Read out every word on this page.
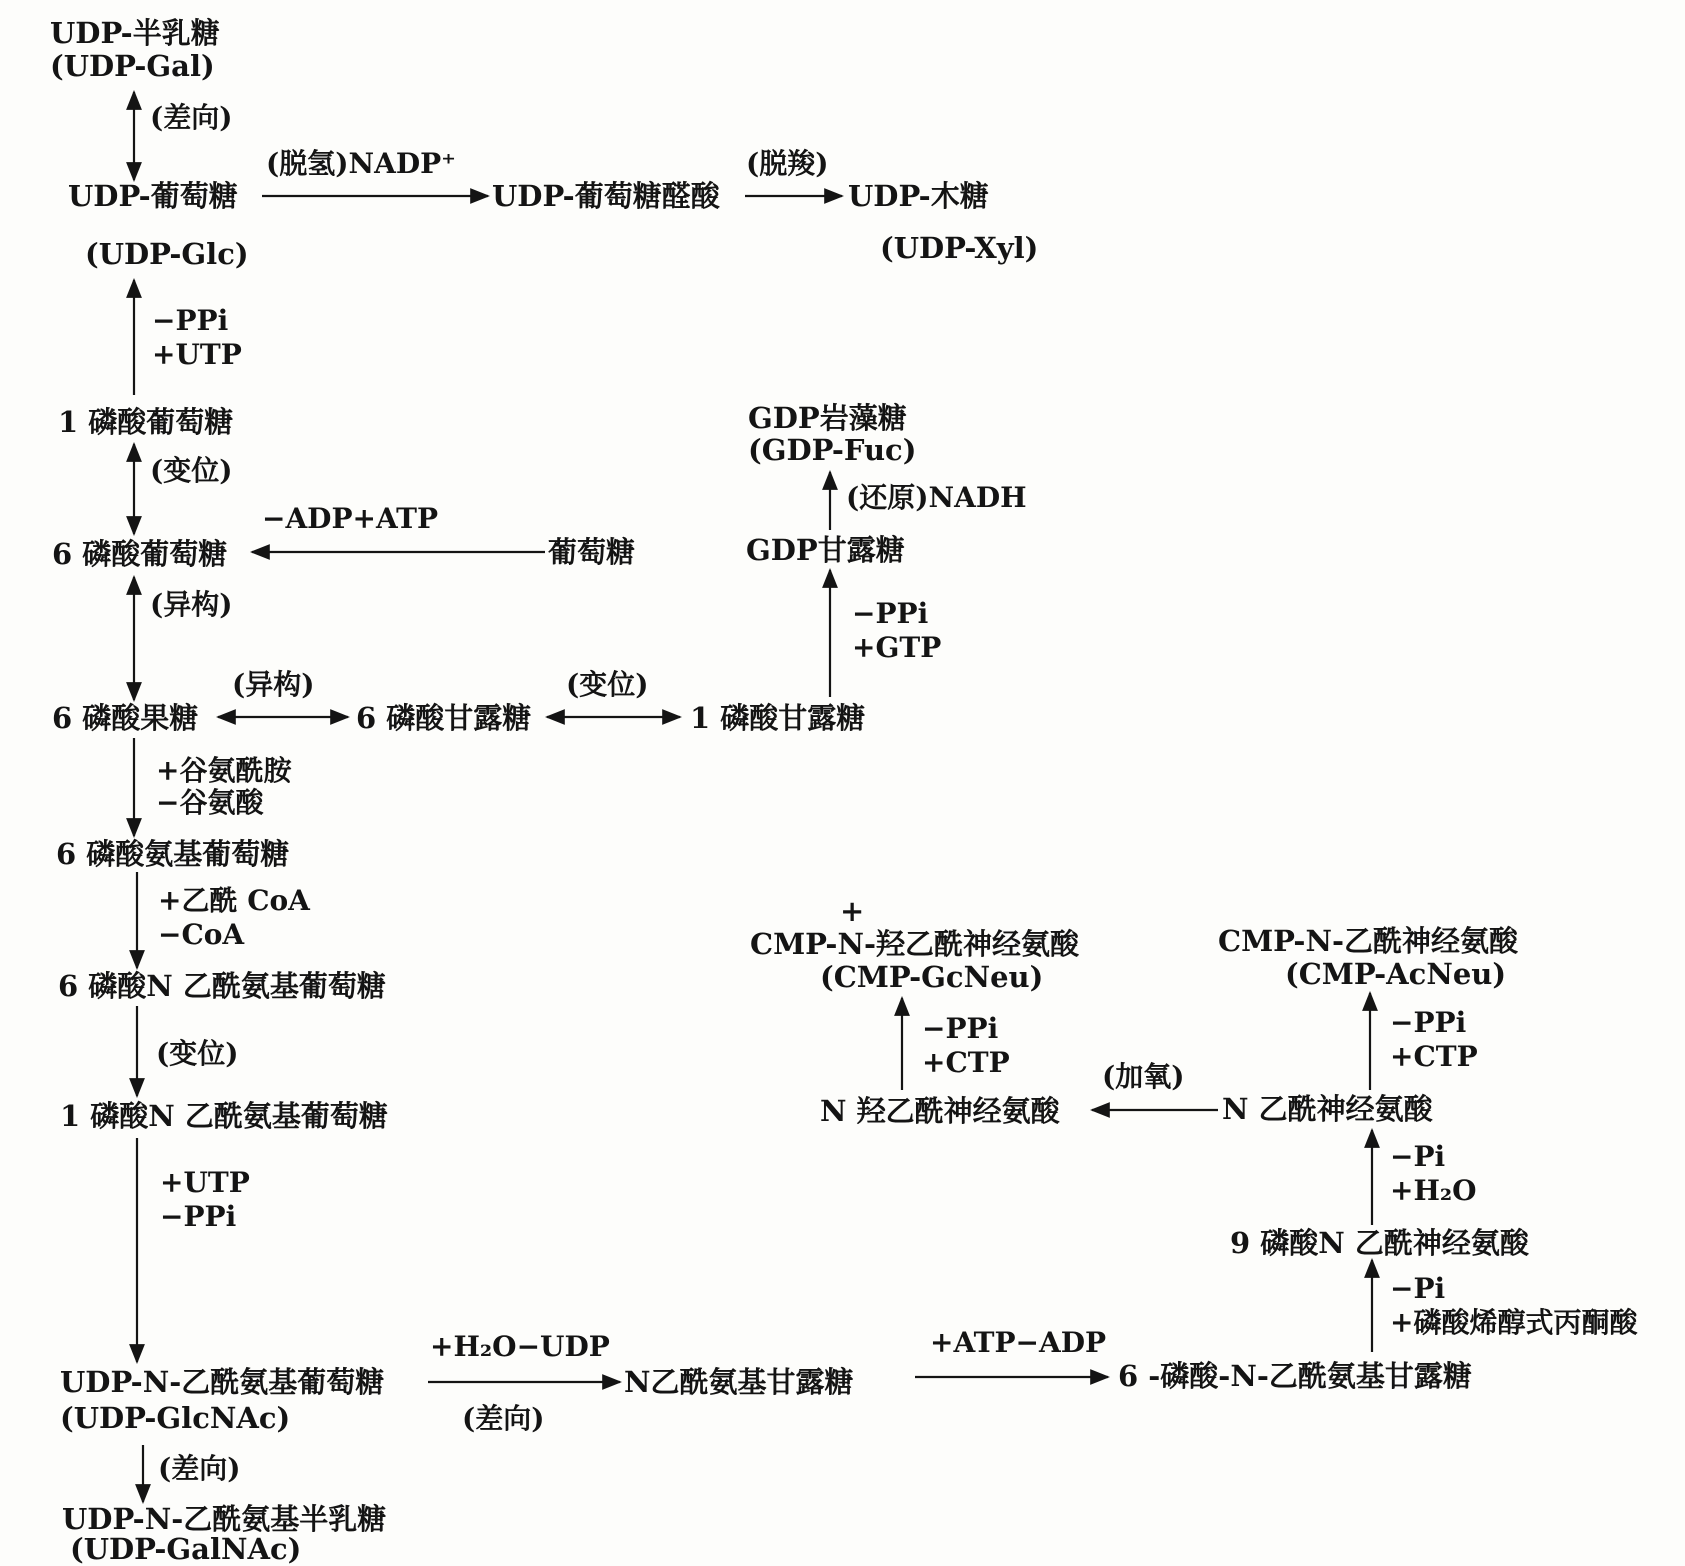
UDP-半乳糖
(UDP-Gal)
UDP-葡萄糖
(UDP-Glc)
UDP-葡萄糖醛酸	UDP-木糖
(UDP-Xyl)
1 磷酸葡萄糖
6 磷酸葡萄糖	葡萄糖
GDP岩藻糖
(GDP-Fuc)
GDP甘露糖
6 磷酸果糖	6 磷酸甘露糖	1 磷酸甘露糖
6 磷酸氨基葡萄糖
6 磷酸N 乙酰氨基葡萄糖
1 磷酸N 乙酰氨基葡萄糖
UDP-N-乙酰氨基葡萄糖
(UDP-GlcNAc)
UDP-N-乙酰氨基半乳糖
(UDP-GalNAc)
N乙酰氨基甘露糖	6 -磷酸-N-乙酰氨基甘露糖
9 磷酸N 乙酰神经氨酸
N 乙酰神经氨酸
N 羟乙酰神经氨酸
CMP-N-乙酰神经氨酸
(CMP-AcNeu)
+
CMP-N-羟乙酰神经氨酸
(CMP-GcNeu)
(差向)
(脱氢)NADP⁺	(脱羧)
−PPi
+UTP
(变位)
−ADP+ATP
(异构)
(异构)	(变位)
(还原)NADH
−PPi
+GTP
+谷氨酰胺
−谷氨酸
+乙酰 CoA
−CoA
(变位)
+UTP
−PPi
+H₂O−UDP
(差向)
(差向)
+ATP−ADP
−Pi
+磷酸烯醇式丙酮酸
−Pi
+H₂O
−PPi
+CTP
(加氧)
−PPi
+CTP
